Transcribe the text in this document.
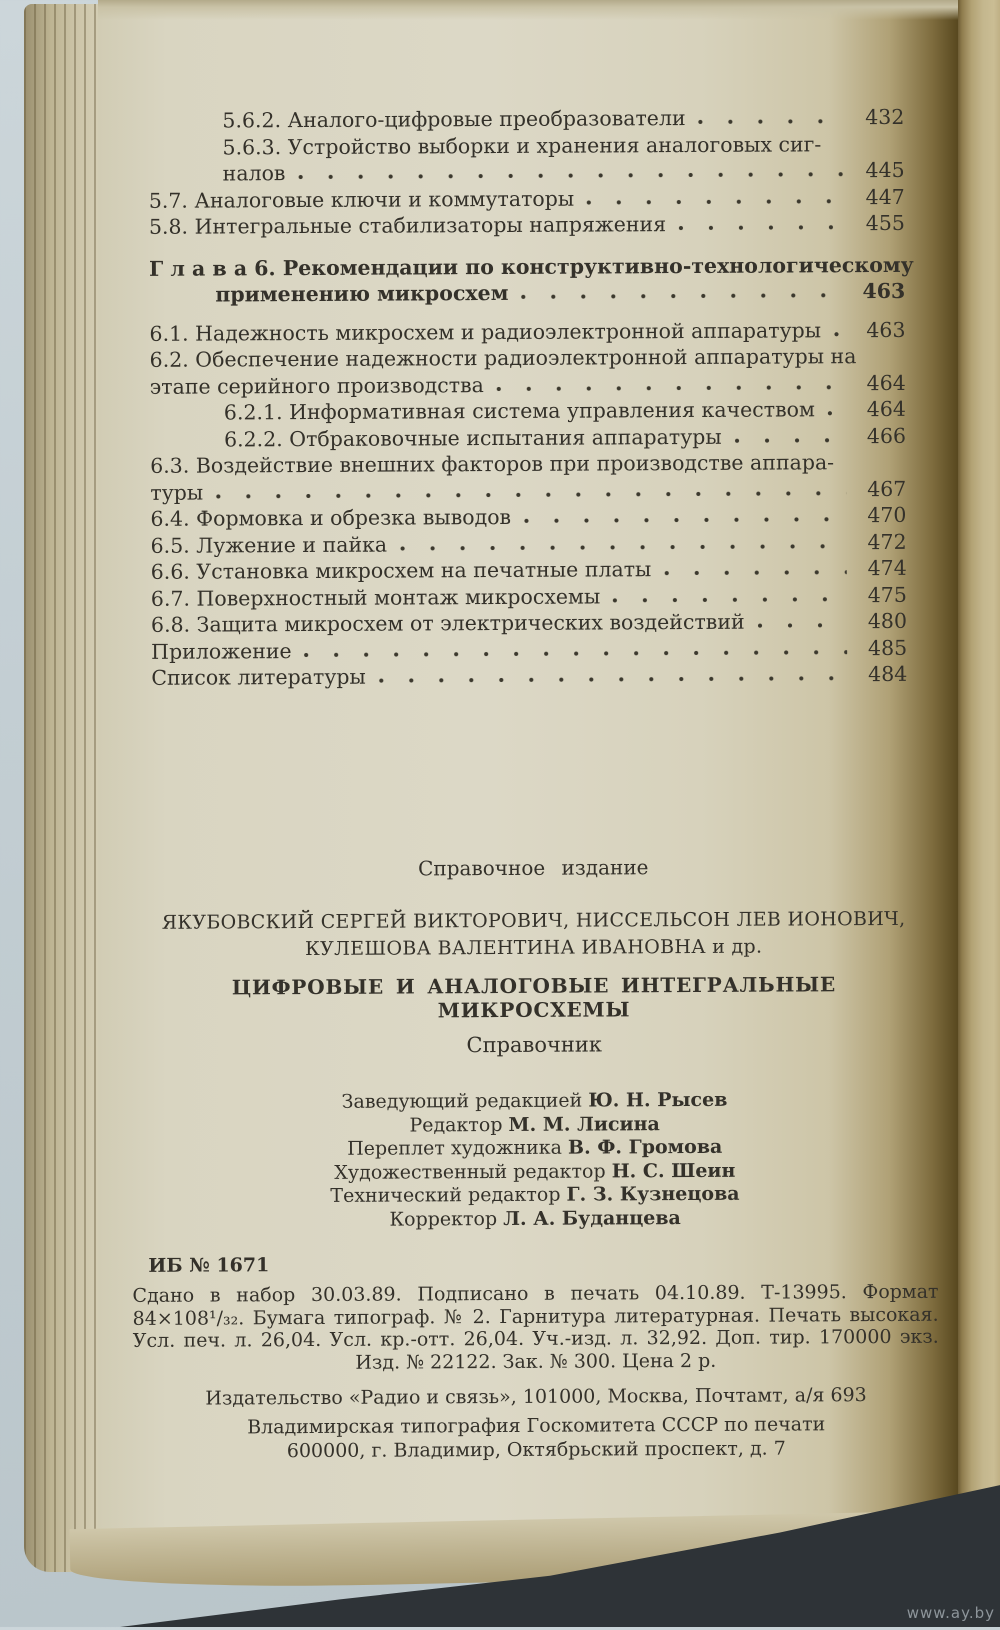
5.6.2. Аналого-цифровые преобразователи	432
5.6.3. Устройство выборки и хранения аналоговых сиг-
налов	445
5.7. Аналоговые ключи и коммутаторы	447
5.8. Интегральные стабилизаторы напряжения	455
Г л а в а 6. Рекомендации по конструктивно-технологическому
применению микросхем	463
6.1. Надежность микросхем и радиоэлектронной аппаратуры	463
6.2. Обеспечение надежности радиоэлектронной аппаратуры на
этапе серийного производства	464
6.2.1. Информативная система управления качеством	464
6.2.2. Отбраковочные испытания аппаратуры	466
6.3. Воздействие внешних факторов при производстве аппара-
туры	467
6.4. Формовка и обрезка выводов	470
6.5. Лужение и пайка	472
6.6. Установка микросхем на печатные платы	474
6.7. Поверхностный монтаж микросхемы	475
6.8. Защита микросхем от электрических воздействий	480
Приложение	485
Список литературы	484
Справочное издание
ЯКУБОВСКИЙ СЕРГЕЙ ВИКТОРОВИЧ, НИССЕЛЬСОН ЛЕВ ИОНОВИЧ,
КУЛЕШОВА ВАЛЕНТИНА ИВАНОВНА и др.
ЦИФРОВЫЕ И АНАЛОГОВЫЕ ИНТЕГРАЛЬНЫЕ МИКРОСХЕМЫ
Справочник
Заведующий редакцией Ю. Н. Рысев
Редактор М. М. Лисина
Переплет художника В. Ф. Громова
Художественный редактор Н. С. Шеин
Технический редактор Г. З. Кузнецова
Корректор Л. А. Буданцева
ИБ № 1671
Сдано в набор 30.03.89. Подписано в печать 04.10.89. Т-13995. Формат
84×108¹/₃₂. Бумага типограф. № 2. Гарнитура литературная. Печать высокая.
Усл. печ. л. 26,04. Усл. кр.-отт. 26,04. Уч.-изд. л. 32,92. Доп. тир. 170000 экз.
Изд. № 22122. Зак. № 300. Цена 2 р.
Издательство «Радио и связь», 101000, Москва, Почтамт, а/я 693
Владимирская типография Госкомитета СССР по печати
600000, г. Владимир, Октябрьский проспект, д. 7
www.ay.by
